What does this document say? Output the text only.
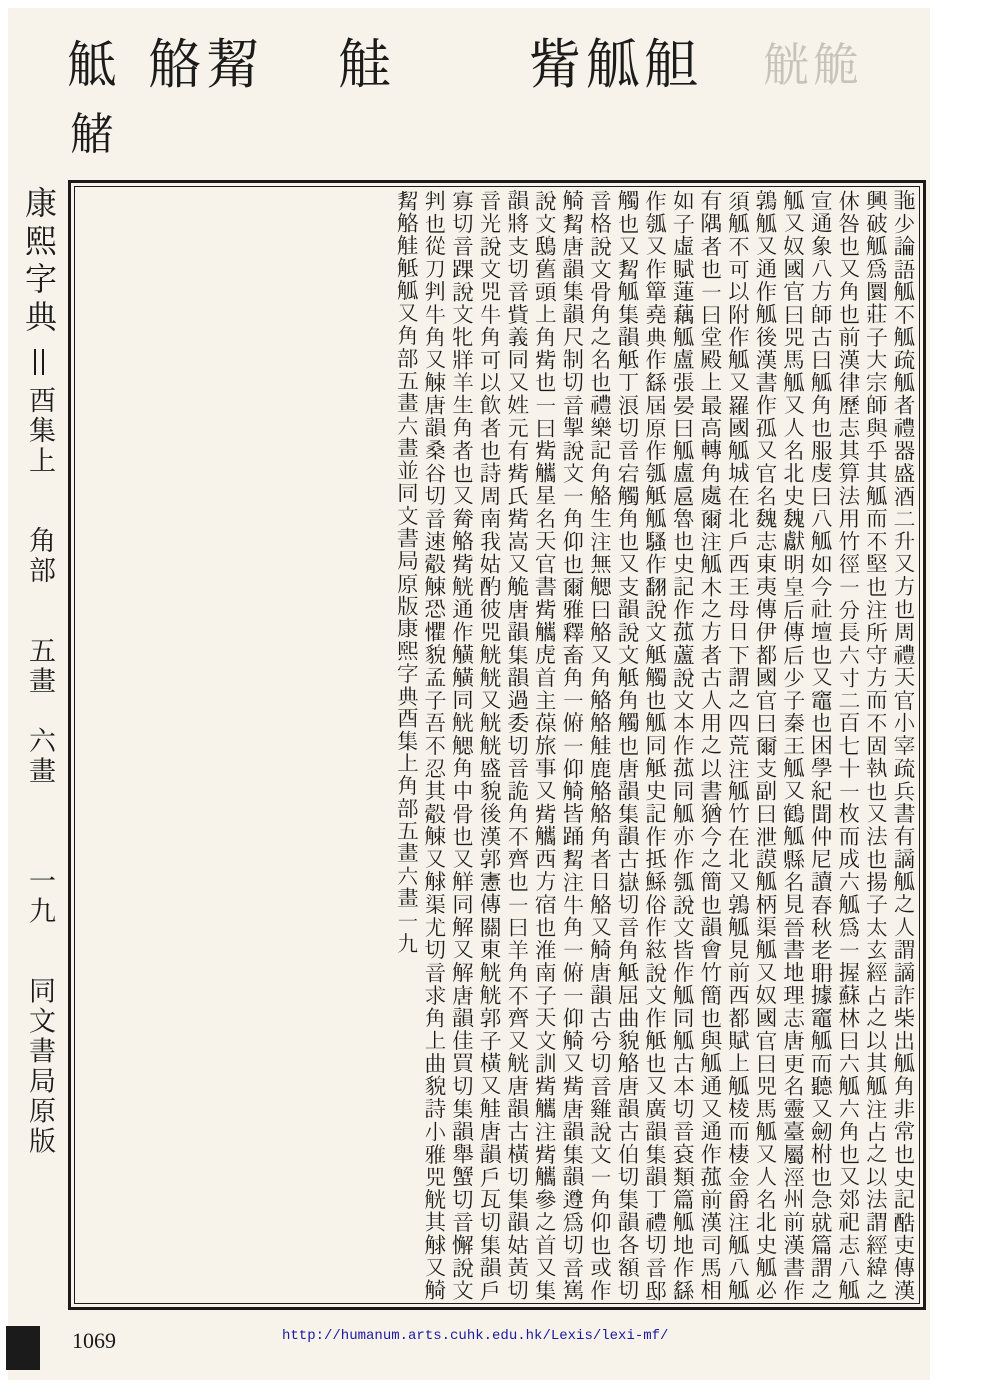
觝 觡觢 觟 觜觚觛 觥觤
觰
康熙字典  酉集上  角部  五畫　六畫  一九  同文書局原版	𢑠少論語觚不觚疏觚者禮器盛酒二升又方也周禮天官小宰疏兵書有謫觚之人謂謫詐柴出觚角非常也史記酷吏傳漢興破觚爲圜莊子大宗師與乎其觚而不堅也注所守方而不固執也又法也揚子太玄經占之以其觚注占之以法謂經緯之休咎也又角也前漢律歷志其算法用竹徑一分長六寸二百七十一枚而成六觚爲一握蘇林曰六觚六角也又郊祀志八觚宣通象八方師古曰觚角也服虔曰八觚如今社壇也又竈也困學紀聞仲尼讀春秋老耼據竈觚而聽又劒柎也急就篇謂之觚又奴國官曰兕馬觚又人名北史魏獻明皇后傳后少子秦王觚又鶴觚縣名見晉書地理志唐更名靈臺屬涇州前漢書作鶉觚又通作觚後漢書作孤又官名魏志東夷傳伊都國官曰爾支副曰泄謨觚柄渠觚又奴國官曰兕馬觚又人名北史觚必須觚不可以附作觚又羅國觚城在北戶西王母日下謂之四荒注觚竹在北又鶉觚見前西都賦上觚棱而棲金爵注觚八觚有隅者也一曰堂殿上最高轉角處爾注觚木之方者古人用之以書猶今之簡也韻會竹簡也與觚通又通作菰前漢司馬相如子虛賦蓮藕觚盧張晏曰觚盧扈魯也史記作菰蘆說文本作菰同觚亦作瓠說文皆作觚同觚古本切音袞類篇觚地作繇作瓠又作簞堯典作繇屆原作瓠觝觚騷作翻說文觝觸也觚同觝史記作抵鯀俗作絃說文作觝也又廣韻集韻丁禮切音邸觸也又觢觚集韻觝丁浪切音宕觸角也又支韻說文觝角觸也唐韻集韻古嶽切音角觝屈曲貌觡唐韻古伯切集韻各額切音格說文骨角之名也禮樂記角觡生注無䚡曰觡又角觡觡觟鹿觡觡角者日觡又觭唐韻古兮切音雞說文一角仰也或作觭觢唐韻集韻尺制切音掣說文一角仰也爾雅釋畜角一俯一仰觭皆踊觢注牛角一俯一仰觭又觜唐韻集韻遵爲切音嶲說文鴟舊頭上角觜也一曰觜觿星名天官書觜觿虎首主葆旅事又觜觿西方宿也淮南子天文訓觜觿注觜觿參之首又集韻將支切音貲義同又姓元有觜氏觜嵩又觤唐韻集韻過委切音詭角不齊也一曰羊角不齊又觥唐韻古橫切集韻姑黃切音光說文兕牛角可以飲者也詩周南我姑酌彼兕觥觥又觥觥盛貌後漢郭憲傳關東觥觥郭子橫又觟唐韻戶瓦切集韻戶寡切音踝說文牝牂羊生角者也又觠觡觜觥通作觵觵同觥䚡角中骨也又觧同解又解唐韻佳買切集韻舉蟹切音懈說文判也從刀判牛角又觫唐韻桑谷切音速觳觫恐懼貌孟子吾不忍其觳觫又觩渠尤切音求角上曲貌詩小雅兕觥其觩又觭觢觡觟觝觚又角部五畫六畫並同文書局原版康熙字典酉集上角部五畫六畫一九
1069	http://humanum.arts.cuhk.edu.hk/Lexis/lexi-mf/
